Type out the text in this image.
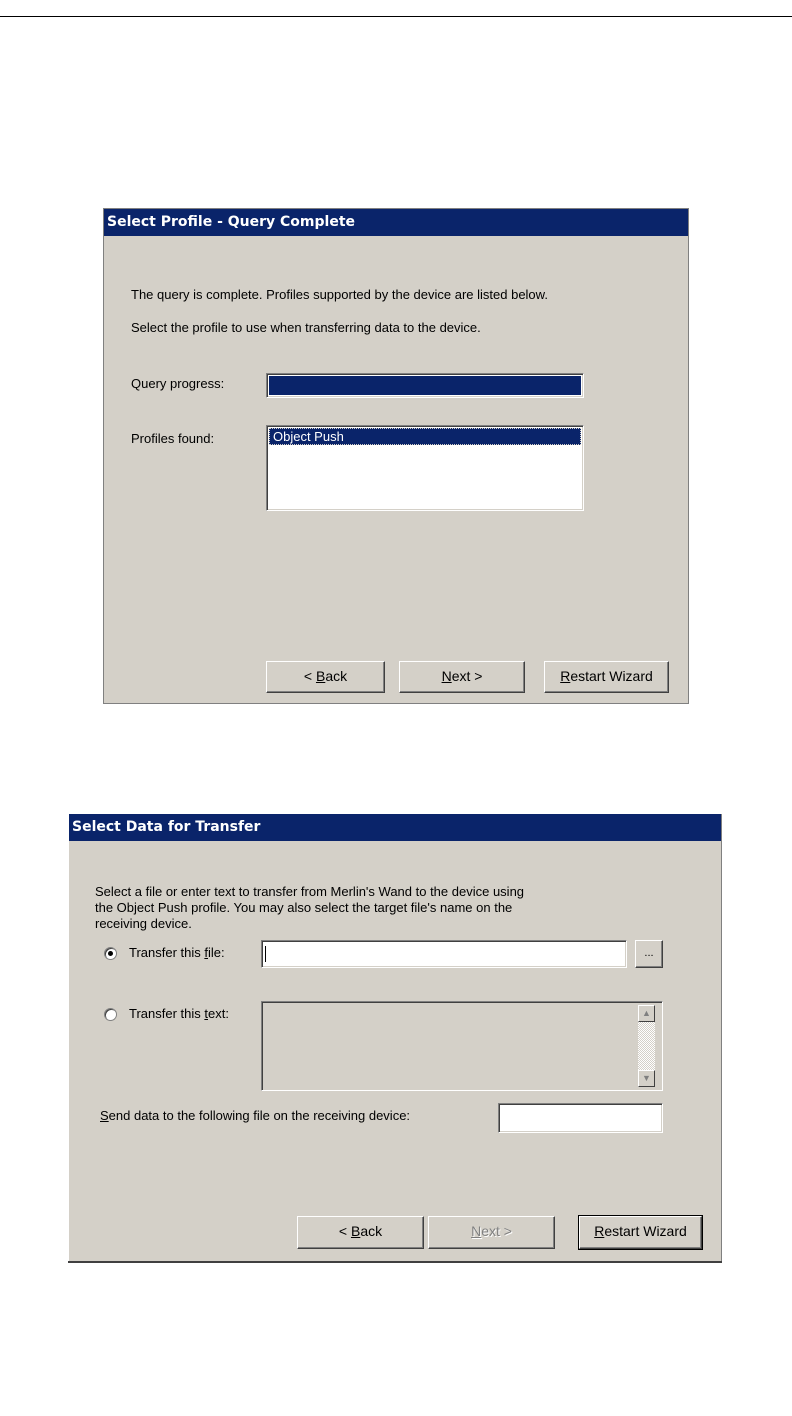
Select Profile - Query Complete
The query is complete. Profiles supported by the device are listed below.
Select the profile to use when transferring data to the device.
Query progress:
Profiles found:	Object Push
< Back	Next >	Restart Wizard
Select Data for Transfer
Select a file or enter text to transfer from Merlin's Wand to the device using
the Object Push profile. You may also select the target file's name on the
receiving device.
Transfer this file:	...
Transfer this text:	▲
▼
Send data to the following file on the receiving device:
< Back	Next >	Restart Wizard
